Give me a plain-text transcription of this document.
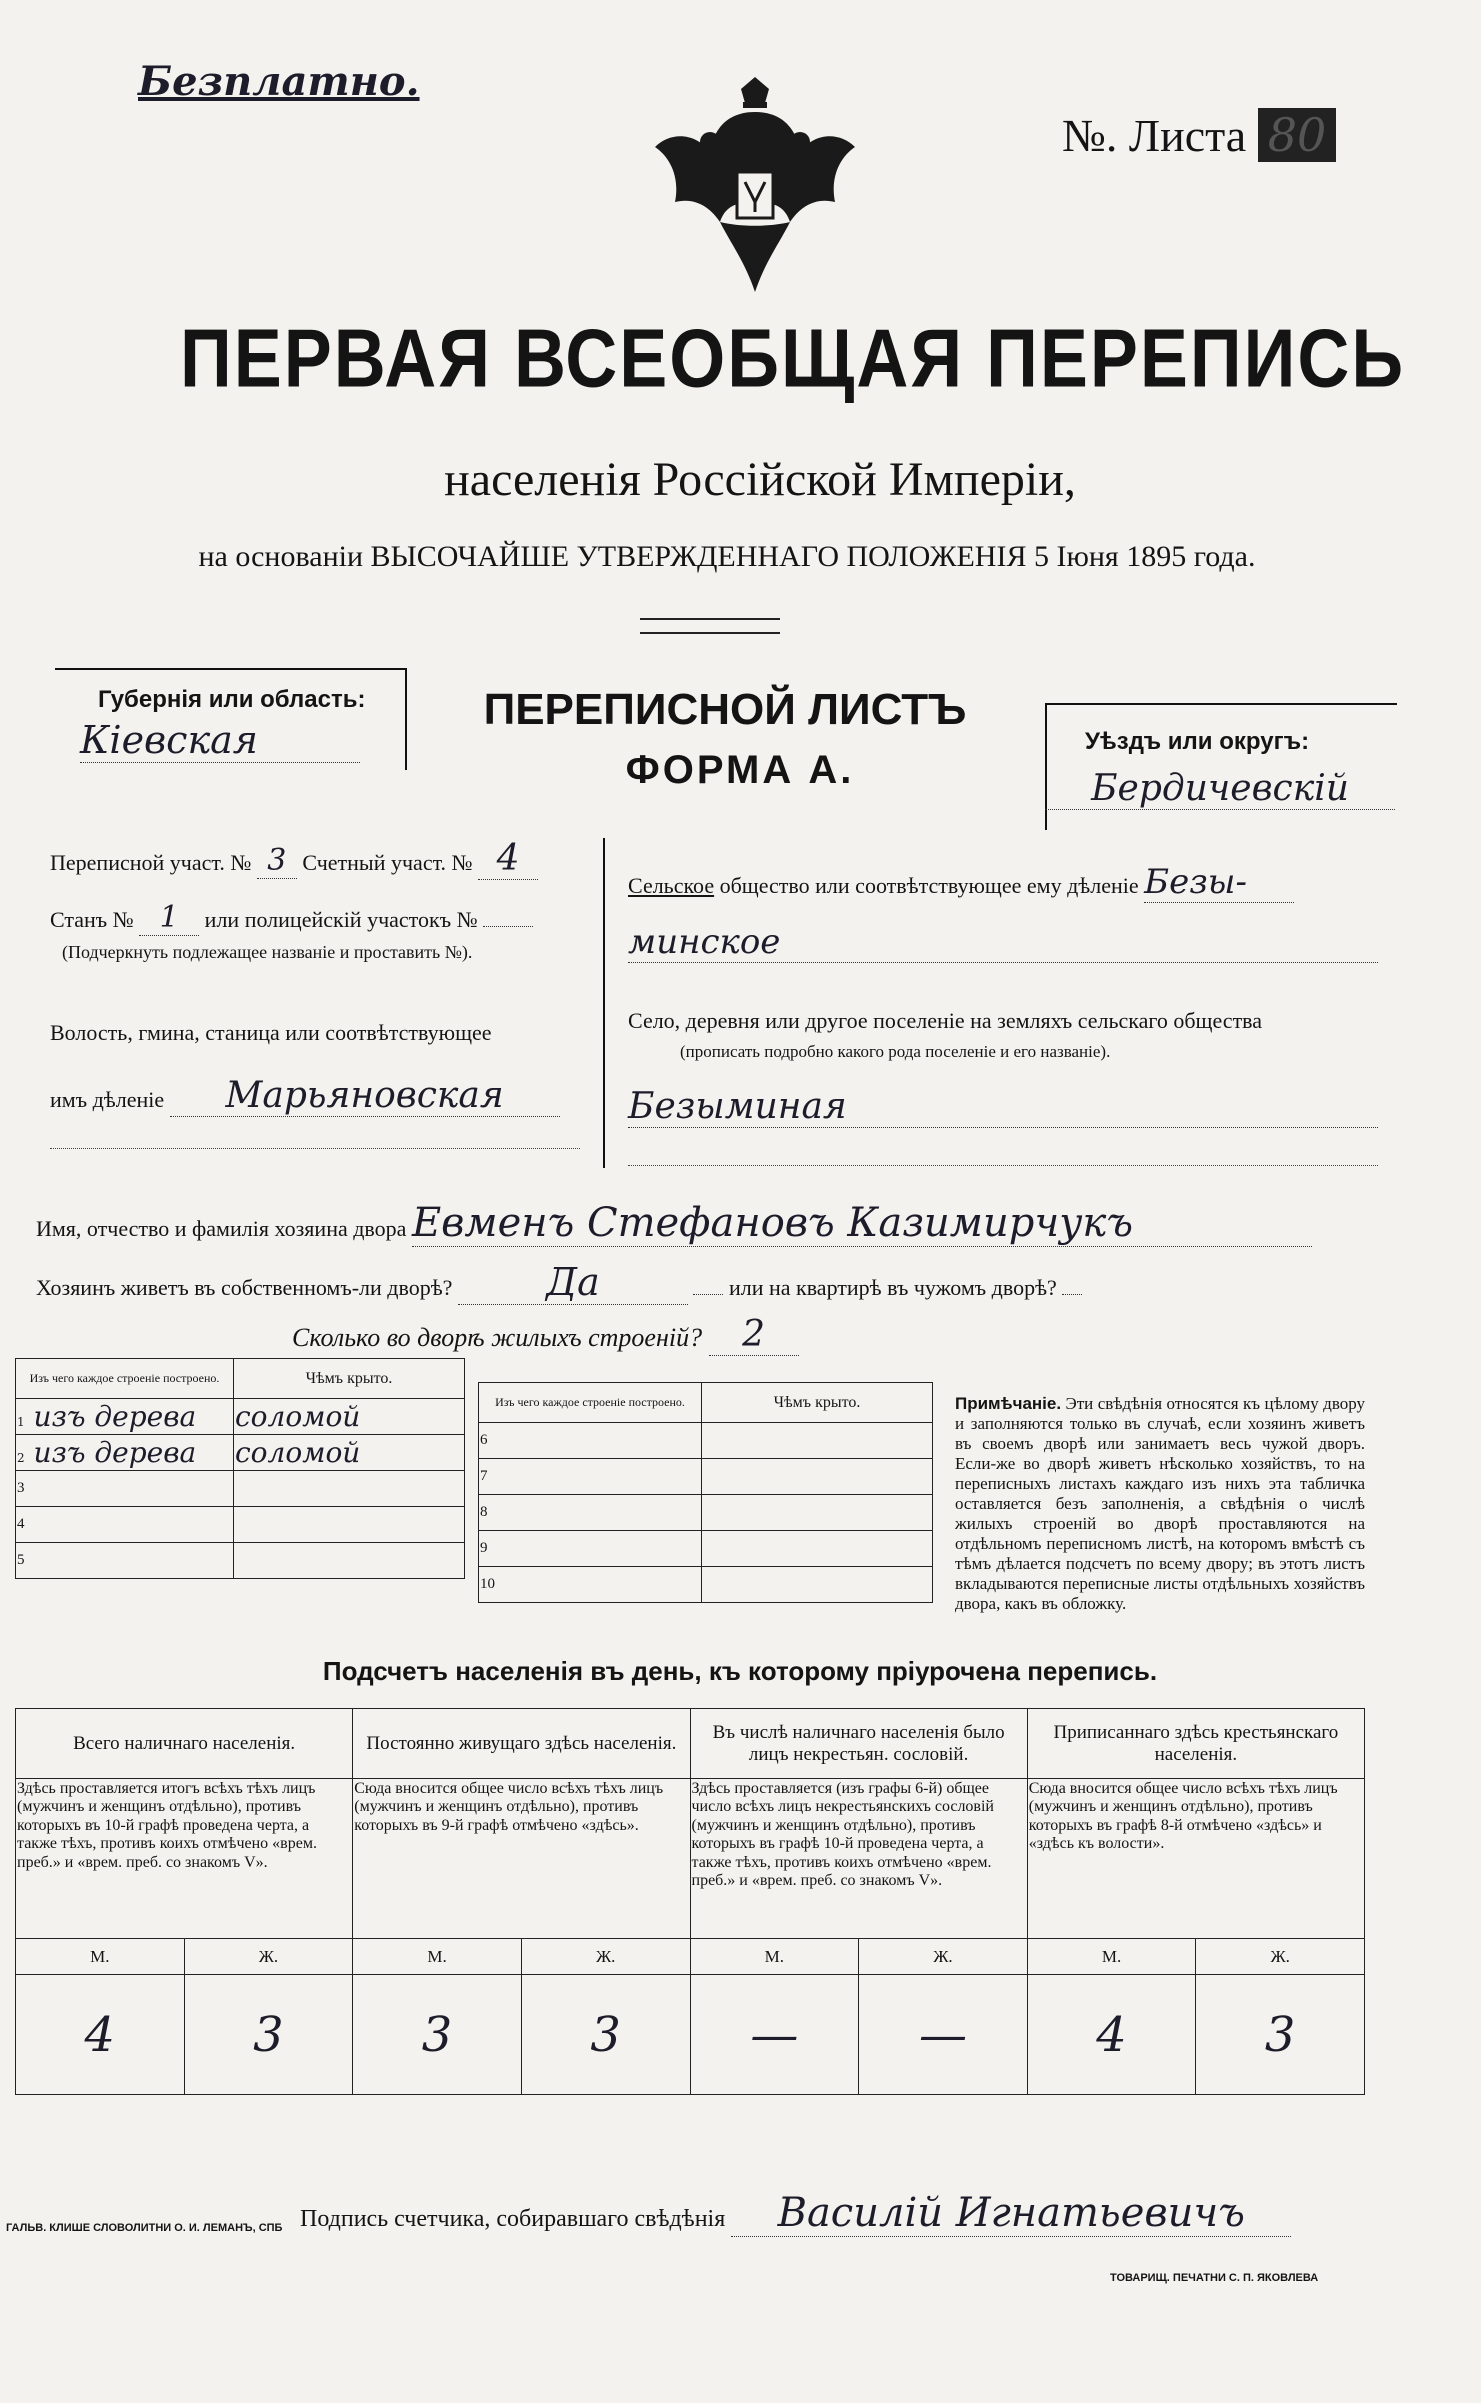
Безплатно.
№. Листа 80
ПЕРВАЯ ВСЕОБЩАЯ ПЕРЕПИСЬ
населенія Россійской Имперіи,
на основаніи ВЫСОЧАЙШЕ УТВЕРЖДЕННАГО ПОЛОЖЕНІЯ 5 Іюня 1895 года.
Губернія или область:
Кіевская
ПЕРЕПИСНОЙ ЛИСТЪ
ФОРМА А.
Уѣздъ или округъ:
Бердичевскій
Переписной участ. № 3 Счетный участ. № 4
Станъ № 1 или полицейскій участокъ №
(Подчеркнуть подлежащее названіе и проставить №).
Волость, гмина, станица или соотвѣтствующее
имъ дѣленіе Марьяновская
Сельское общество или соотвѣтствующее ему дѣленіе Безы-
минское
Село, деревня или другое поселеніе на земляхъ сельскаго общества
(прописать подробно какого рода поселеніе и его названіе).
Безыминая
Имя, отчество и фамилія хозяина двора Евменъ Стефановъ Казимирчукъ
Хозяинъ живетъ въ собственномъ-ли дворѣ? Да	или на квартирѣ въ чужомъ дворѣ?
Сколько во дворѣ жилыхъ строеній? 2
Изъ чего каждое строеніе построено.	Чѣмъ крыто.
1 изъ дерева	соломой
2 изъ дерева	соломой
3	
4	
5	
Изъ чего каждое строеніе построено.	Чѣмъ крыто.
6	
7	
8	
9	
10	
Примѣчаніе. Эти свѣдѣнія относятся къ цѣлому двору и заполняются только въ случаѣ, если хозяинъ живетъ въ своемъ дворѣ или занимаетъ весь чужой дворъ. Если-же во дворѣ живетъ нѣсколько хозяйствъ, то на переписныхъ листахъ каждаго изъ нихъ эта табличка оставляется безъ заполненія, а свѣдѣнія о числѣ жилыхъ строеній во дворѣ проставляются на отдѣльномъ переписномъ листѣ, на которомъ вмѣстѣ съ тѣмъ дѣлается подсчетъ по всему двору; въ этотъ листъ вкладываются переписные листы отдѣльныхъ хозяйствъ двора, какъ въ обложку.
Подсчетъ населенія въ день, къ которому пріурочена перепись.
Всего наличнаго населенія.		Постоянно живущаго здѣсь населенія.		Въ числѣ наличнаго населенія было лицъ некрестьян. сословій.		Приписаннаго здѣсь крестьянскаго населенія.	
Здѣсь проставляется итогъ всѣхъ тѣхъ лицъ (мужчинъ и женщинъ отдѣльно), противъ которыхъ въ 10-й графѣ проведена черта, а также тѣхъ, противъ коихъ отмѣчено «врем. преб.» и «врем. преб. со знакомъ V».		Сюда вносится общее число всѣхъ тѣхъ лицъ (мужчинъ и женщинъ отдѣльно), противъ которыхъ въ 9-й графѣ отмѣчено «здѣсь».		Здѣсь проставляется (изъ графы 6-й) общее число всѣхъ лицъ некрестьянскихъ сословій (мужчинъ и женщинъ отдѣльно), противъ которыхъ въ графѣ 10-й проведена черта, а также тѣхъ, противъ коихъ отмѣчено «врем. преб.» и «врем. преб. со знакомъ V».		Сюда вносится общее число всѣхъ тѣхъ лицъ (мужчинъ и женщинъ отдѣльно), противъ которыхъ въ графѣ 8-й отмѣчено «здѣсь» и «здѣсь къ волости».	
М.	Ж.	М.	Ж.	М.	Ж.	М.	Ж.
4	3	3	3	—	—	4	3
Подпись счетчика, собиравшаго свѣдѣнія Василій Игнатьевичъ
ГАЛЬВ. КЛИШЕ СЛОВОЛИТНИ О. И. ЛЕМАНЪ, СПБ
ТОВАРИЩ. ПЕЧАТНИ С. П. ЯКОВЛЕВА
